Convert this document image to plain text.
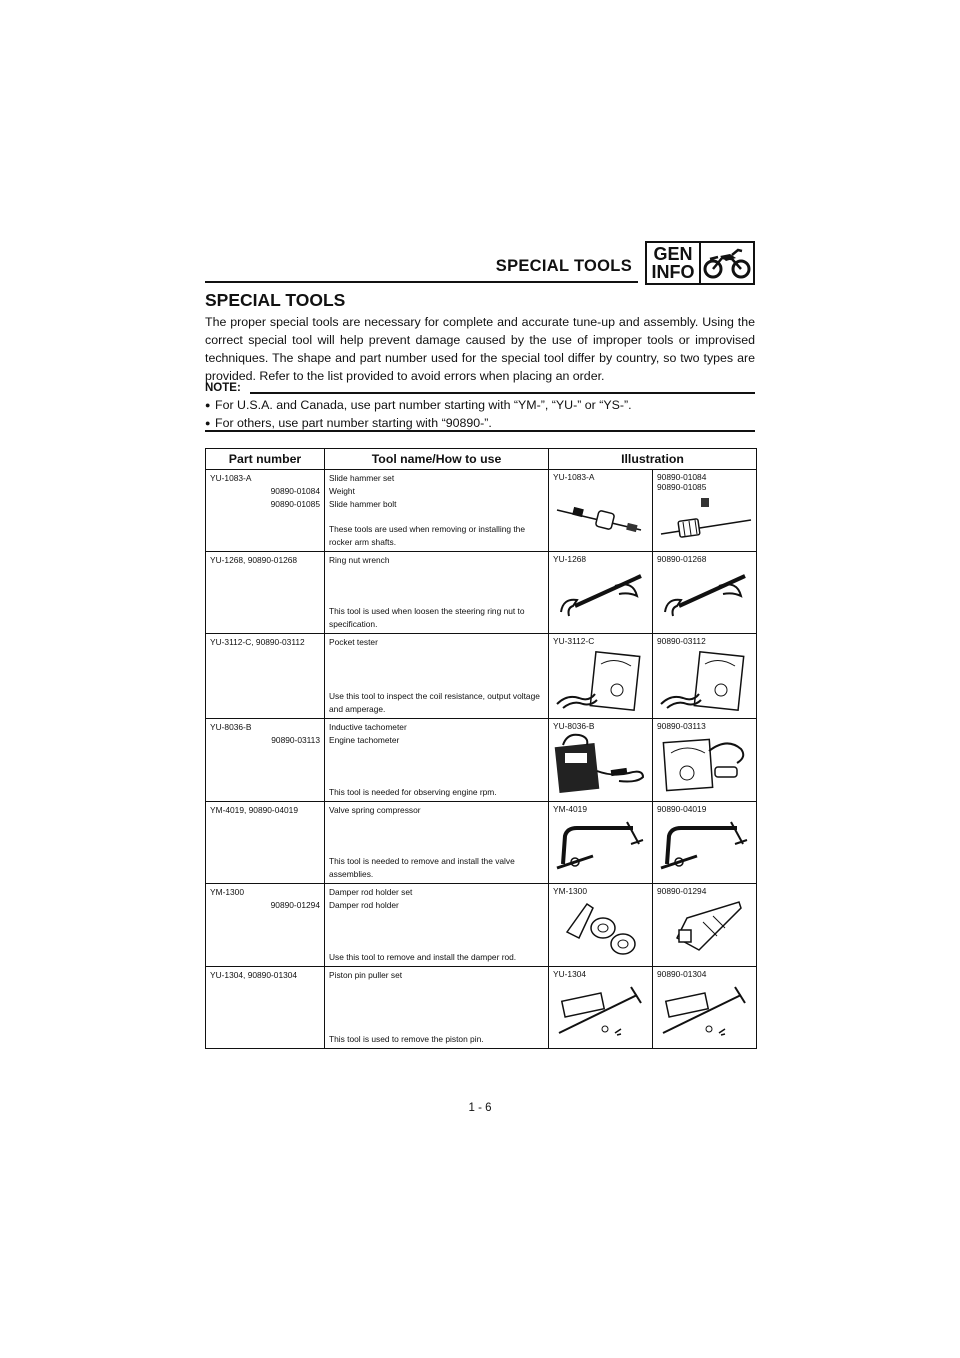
SPECIAL TOOLS
GEN
INFO
SPECIAL TOOLS

The proper special tools are necessary for complete and accurate tune-up and assembly. Using the correct special tool will help prevent damage caused by the use of improper tools or improvised techniques. The shape and part number used for the special tool differ by country, so two types are provided. Refer to the list provided to avoid errors when placing an order.

NOTE:
● For U.S.A. and Canada, use part number starting with “YM-”, “YU-” or “YS-”.
● For others, use part number starting with “90890-”.
Part number	Tool name/How to use	Illustration	

YU-1083-A
90890-01084
90890-01085	Slide hammer set
Weight
Slide hammer bolt
These tools are used when removing or installing the rocker arm shafts.	YU-1083-A	90890-01084
90890-01085

YU-1268, 90890-01268	Ring nut wrench
This tool is used when loosen the steering ring nut to specification.	YU-1268	90890-01268

YU-3112-C, 90890-03112	Pocket tester
Use this tool to inspect the coil resistance, output voltage and amperage.	YU-3112-C	90890-03112

YU-8036-B
90890-03113	Inductive tachometer
Engine tachometer
This tool is needed for observing engine rpm.	YU-8036-B	90890-03113

YM-4019, 90890-04019	Valve spring compressor
This tool is needed to remove and install the valve assemblies.	YM-4019	90890-04019

YM-1300
90890-01294	Damper rod holder set
Damper rod holder
Use this tool to remove and install the damper rod.	YM-1300	90890-01294

YU-1304, 90890-01304	Piston pin puller set
This tool is used to remove the piston pin.	YU-1304	90890-01304
1 - 6
